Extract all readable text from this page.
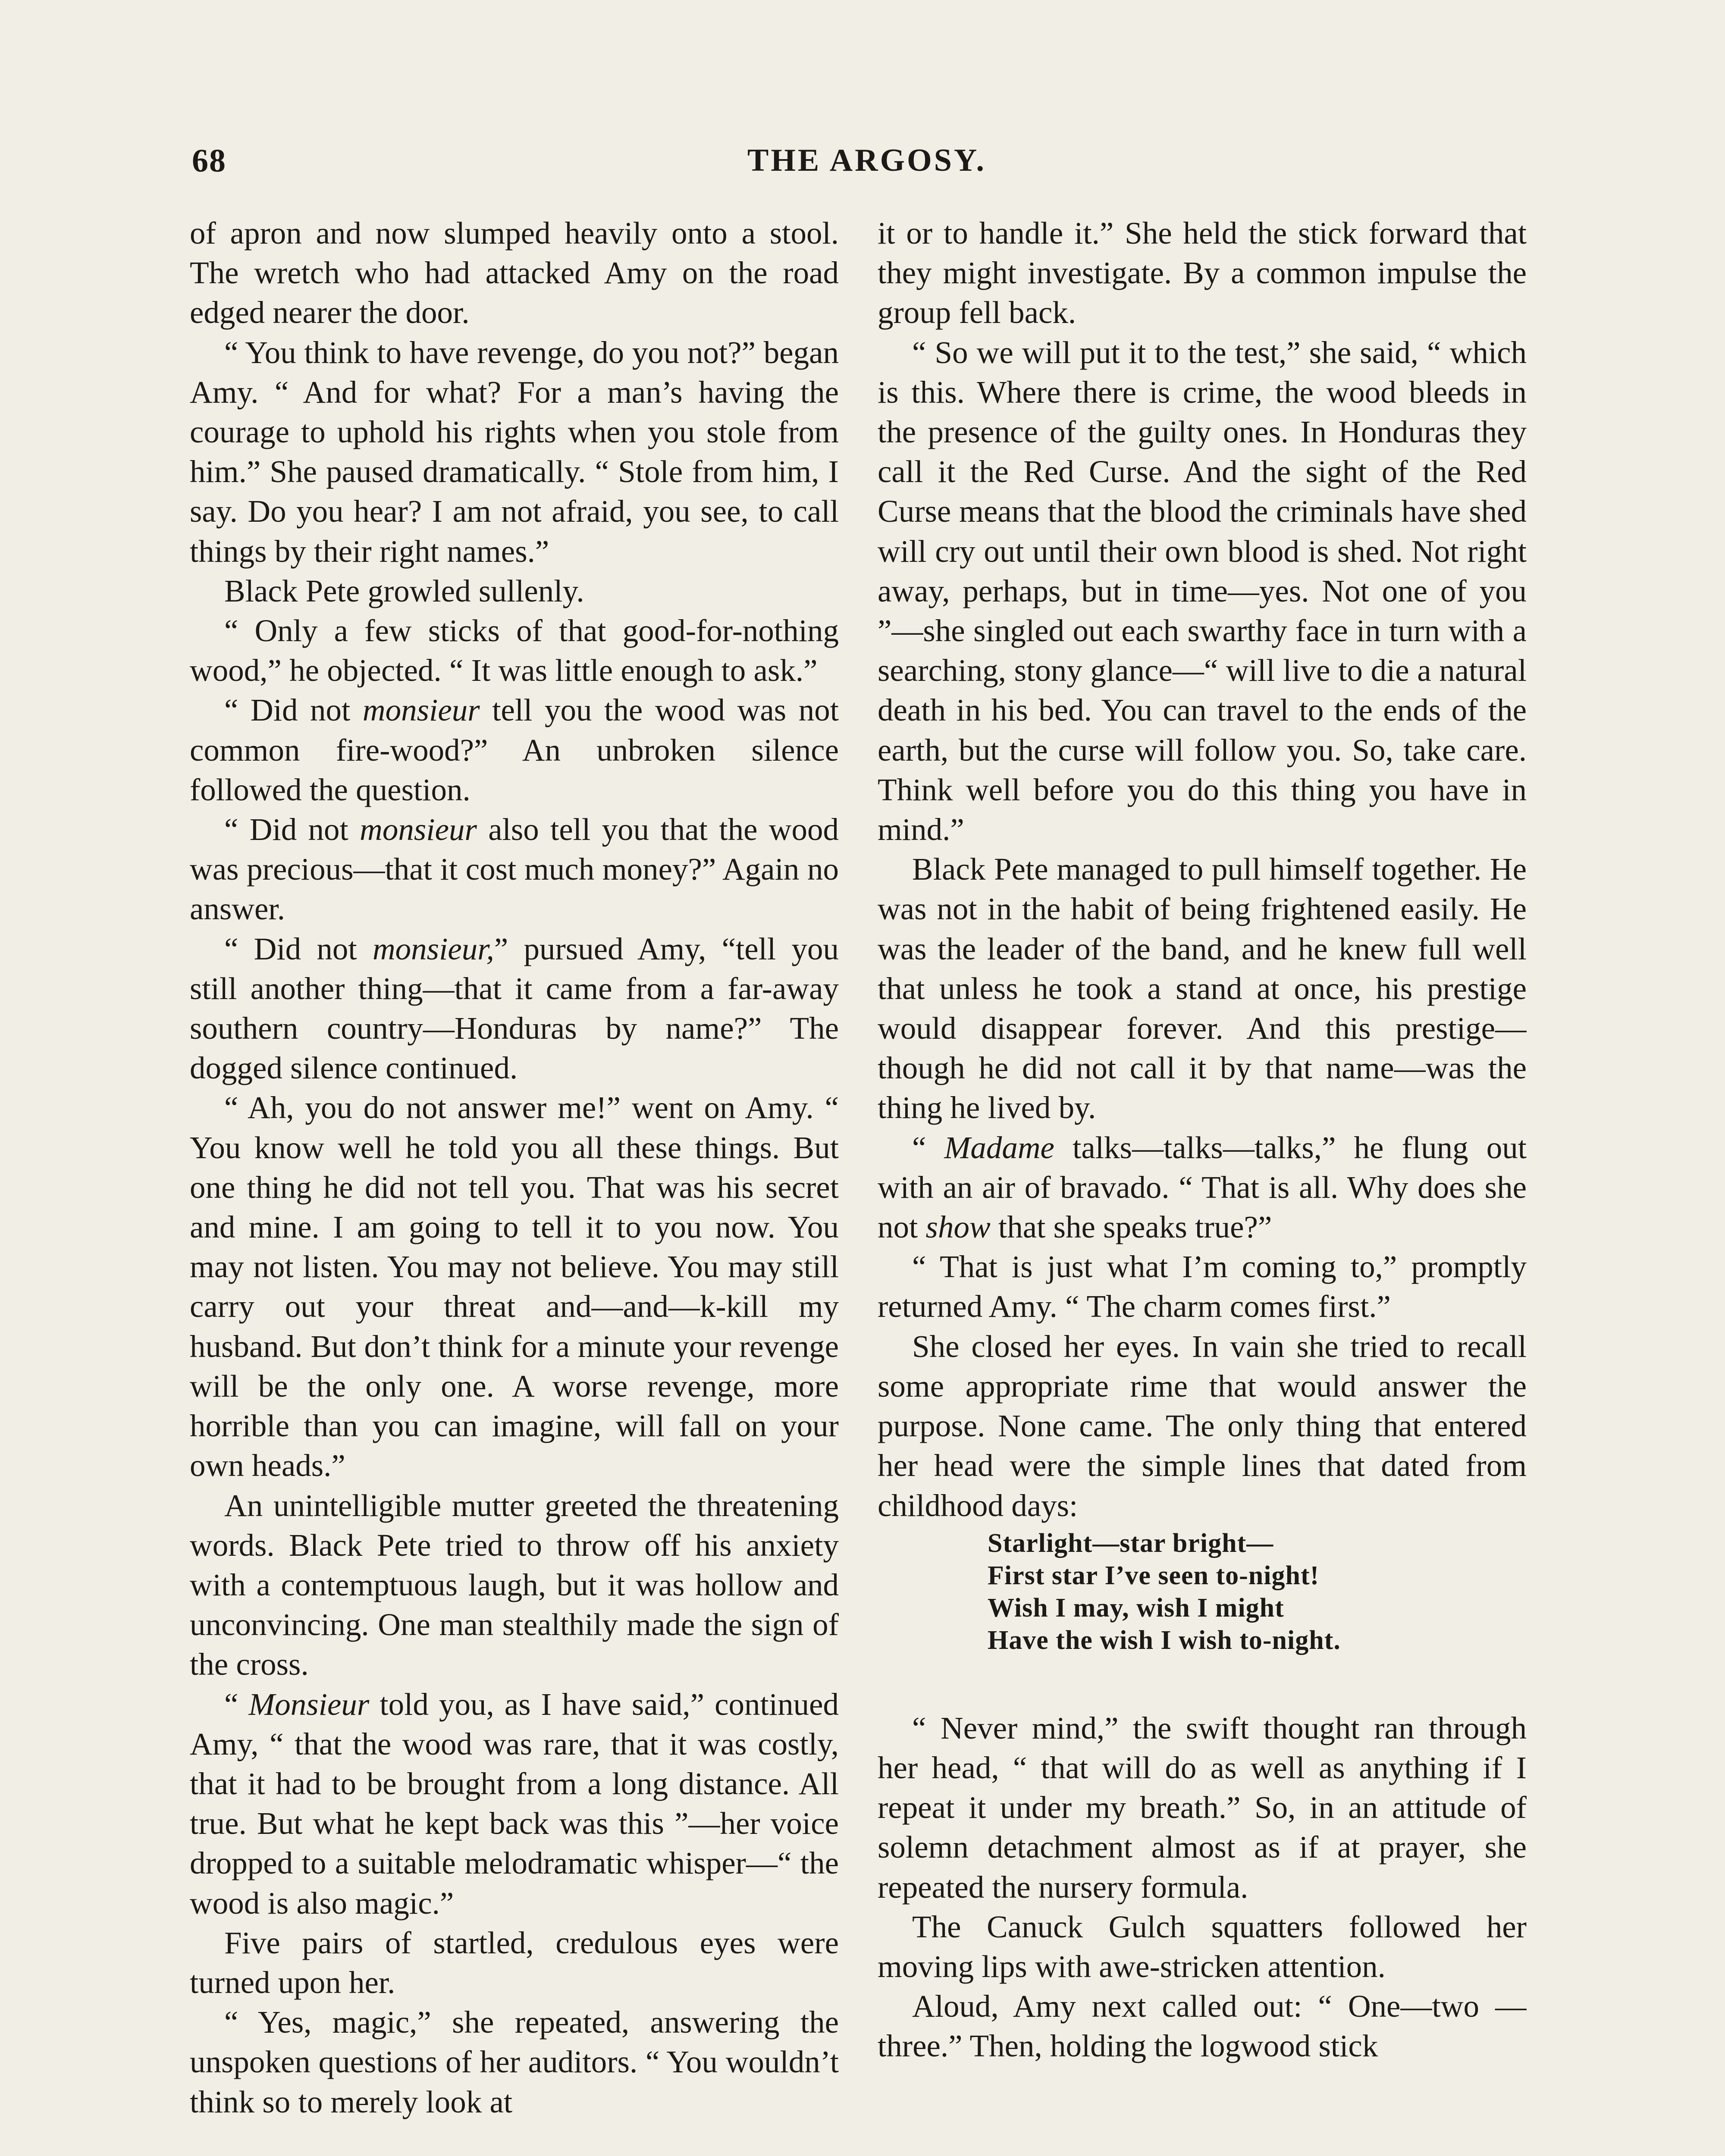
68	THE ARGOSY.

of apron and now slumped heavily onto a stool. The wretch who had attacked Amy on the road edged nearer the door.

“ You think to have revenge, do you not?” began Amy. “ And for what? For a man’s having the courage to uphold his rights when you stole from him.” She paused dramatically. “ Stole from him, I say. Do you hear? I am not afraid, you see, to call things by their right names.”

Black Pete growled sullenly.

“ Only a few sticks of that good-for-nothing wood,” he objected. “ It was little enough to ask.”

“ Did not monsieur tell you the wood was not common fire-wood?” An unbroken silence followed the question.

“ Did not monsieur also tell you that the wood was precious—that it cost much money?” Again no answer.

“ Did not monsieur,” pursued Amy, “tell you still another thing—that it came from a far-away southern country—Honduras by name?” The dogged silence continued.

“ Ah, you do not answer me!” went on Amy. “ You know well he told you all these things. But one thing he did not tell you. That was his secret and mine. I am going to tell it to you now. You may not listen. You may not believe. You may still carry out your threat and—and—k-kill my husband. But don’t think for a minute your revenge will be the only one. A worse revenge, more horrible than you can imagine, will fall on your own heads.”

An unintelligible mutter greeted the threatening words. Black Pete tried to throw off his anxiety with a contemptuous laugh, but it was hollow and unconvincing. One man stealthily made the sign of the cross.

“ Monsieur told you, as I have said,” continued Amy, “ that the wood was rare, that it was costly, that it had to be brought from a long distance. All true. But what he kept back was this ”—her voice dropped to a suitable melodramatic whisper—“ the wood is also magic.”

Five pairs of startled, credulous eyes were turned upon her.

“ Yes, magic,” she repeated, answering the unspoken questions of her auditors. “ You wouldn’t think so to merely look at

it or to handle it.” She held the stick forward that they might investigate. By a common impulse the group fell back.

“ So we will put it to the test,” she said, “ which is this. Where there is crime, the wood bleeds in the presence of the guilty ones. In Honduras they call it the Red Curse. And the sight of the Red Curse means that the blood the criminals have shed will cry out until their own blood is shed. Not right away, perhaps, but in time—yes. Not one of you ”—she singled out each swarthy face in turn with a searching, stony glance—“ will live to die a natural death in his bed. You can travel to the ends of the earth, but the curse will follow you. So, take care. Think well before you do this thing you have in mind.”

Black Pete managed to pull himself together. He was not in the habit of being frightened easily. He was the leader of the band, and he knew full well that unless he took a stand at once, his prestige would disappear forever. And this prestige—though he did not call it by that name—was the thing he lived by.

“ Madame talks—talks—talks,” he flung out with an air of bravado. “ That is all. Why does she not show that she speaks true?”

“ That is just what I’m coming to,” promptly returned Amy. “ The charm comes first.”

She closed her eyes. In vain she tried to recall some appropriate rime that would answer the purpose. None came. The only thing that entered her head were the simple lines that dated from childhood days:

Starlight—star bright—
First star I’ve seen to-night!
Wish I may, wish I might
Have the wish I wish to-night.

“ Never mind,” the swift thought ran through her head, “ that will do as well as anything if I repeat it under my breath.” So, in an attitude of solemn detachment almost as if at prayer, she repeated the nursery formula.

The Canuck Gulch squatters followed her moving lips with awe-stricken attention.

Aloud, Amy next called out: “ One—two —three.” Then, holding the logwood stick
